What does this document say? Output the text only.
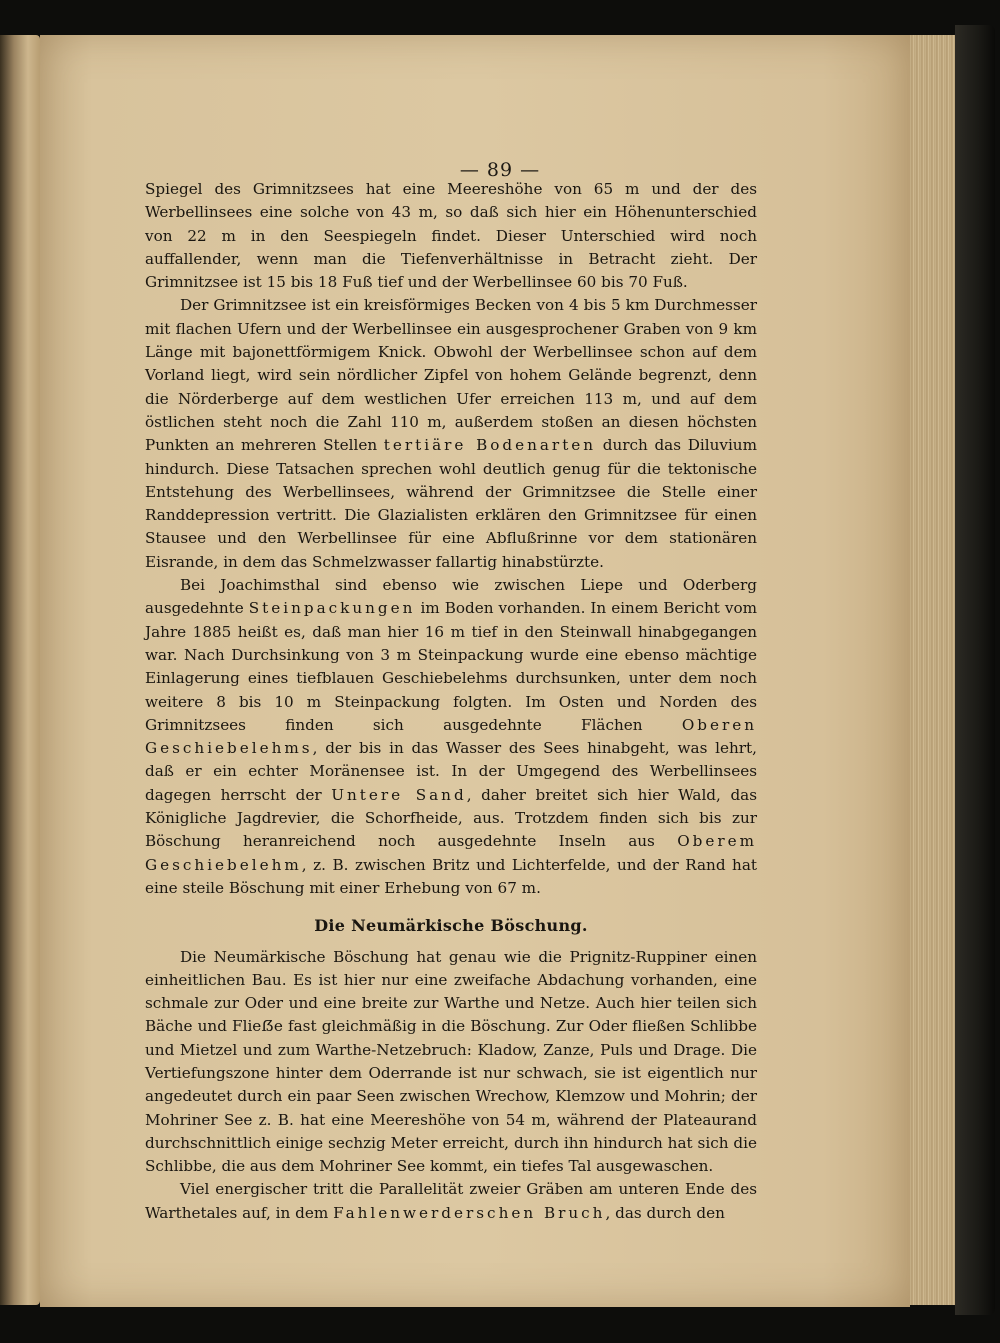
— 89 —

Spiegel des Grimnitzsees hat eine Meereshöhe von 65 m und der des Werbellinsees eine solche von 43 m, so daß sich hier ein Höhenunterschied von 22 m in den Seespiegeln findet. Dieser Unterschied wird noch auffallender, wenn man die Tiefenverhältnisse in Betracht zieht. Der Grimnitzsee ist 15 bis 18 Fuß tief und der Werbellinsee 60 bis 70 Fuß.

Der Grimnitzsee ist ein kreisförmiges Becken von 4 bis 5 km Durchmesser mit flachen Ufern und der Werbellinsee ein ausgesprochener Graben von 9 km Länge mit bajonettförmigem Knick. Obwohl der Werbellinsee schon auf dem Vorland liegt, wird sein nördlicher Zipfel von hohem Gelände begrenzt, denn die Nörderberge auf dem westlichen Ufer erreichen 113 m, und auf dem östlichen steht noch die Zahl 110 m, außerdem stoßen an diesen höchsten Punkten an mehreren Stellen tertiäre Bodenarten durch das Diluvium hindurch. Diese Tatsachen sprechen wohl deutlich genug für die tektonische Entstehung des Werbellinsees, während der Grimnitzsee die Stelle einer Randdepression vertritt. Die Glazialisten erklären den Grimnitzsee für einen Stausee und den Werbellinsee für eine Abflußrinne vor dem stationären Eisrande, in dem das Schmelzwasser fallartig hinabstürzte.

Bei Joachimsthal sind ebenso wie zwischen Liepe und Oderberg ausgedehnte Steinpackungen im Boden vorhanden. In einem Bericht vom Jahre 1885 heißt es, daß man hier 16 m tief in den Steinwall hinabgegangen war. Nach Durchsinkung von 3 m Steinpackung wurde eine ebenso mächtige Einlagerung eines tiefblauen Geschiebelehms durchsunken, unter dem noch weitere 8 bis 10 m Steinpackung folgten. Im Osten und Norden des Grimnitzsees finden sich ausgedehnte Flächen	Oberen Geschiebelehms, der bis in das Wasser des Sees hinabgeht, was lehrt, daß er ein echter Moränensee ist. In der Umgegend des Werbellinsees dagegen herrscht der Untere Sand, daher breitet sich hier Wald, das Königliche Jagdrevier, die Schorfheide, aus. Trotzdem finden sich bis zur Böschung heranreichend noch ausgedehnte Inseln aus Oberem Geschiebelehm, z. B. zwischen Britz und Lichterfelde, und der Rand hat eine steile Böschung mit einer Erhebung von 67 m.

Die Neumärkische Böschung.

Die Neumärkische Böschung hat genau wie die Prignitz-Ruppiner einen einheitlichen Bau. Es ist hier nur eine zweifache Abdachung vorhanden, eine schmale zur Oder und eine breite zur Warthe und Netze. Auch hier teilen sich Bäche und Flieẞe fast gleichmäßig in die Böschung. Zur Oder fließen Schlibbe und Mietzel und zum Warthe-Netzebruch: Kladow, Zanze, Puls und Drage. Die Vertiefungszone hinter dem Oderrande ist nur schwach, sie ist eigentlich nur angedeutet durch ein paar Seen zwischen Wrechow, Klemzow und Mohrin; der Mohriner See z. B. hat eine Meereshöhe von 54 m, während der Plateaurand durchschnittlich einige sechzig Meter erreicht, durch ihn hindurch hat sich die Schlibbe, die aus dem Mohriner See kommt, ein tiefes Tal ausgewaschen.

Viel energischer tritt die Parallelität zweier Gräben am unteren Ende des Warthetales auf, in dem Fahlenwerderschen Bruch, das durch den
